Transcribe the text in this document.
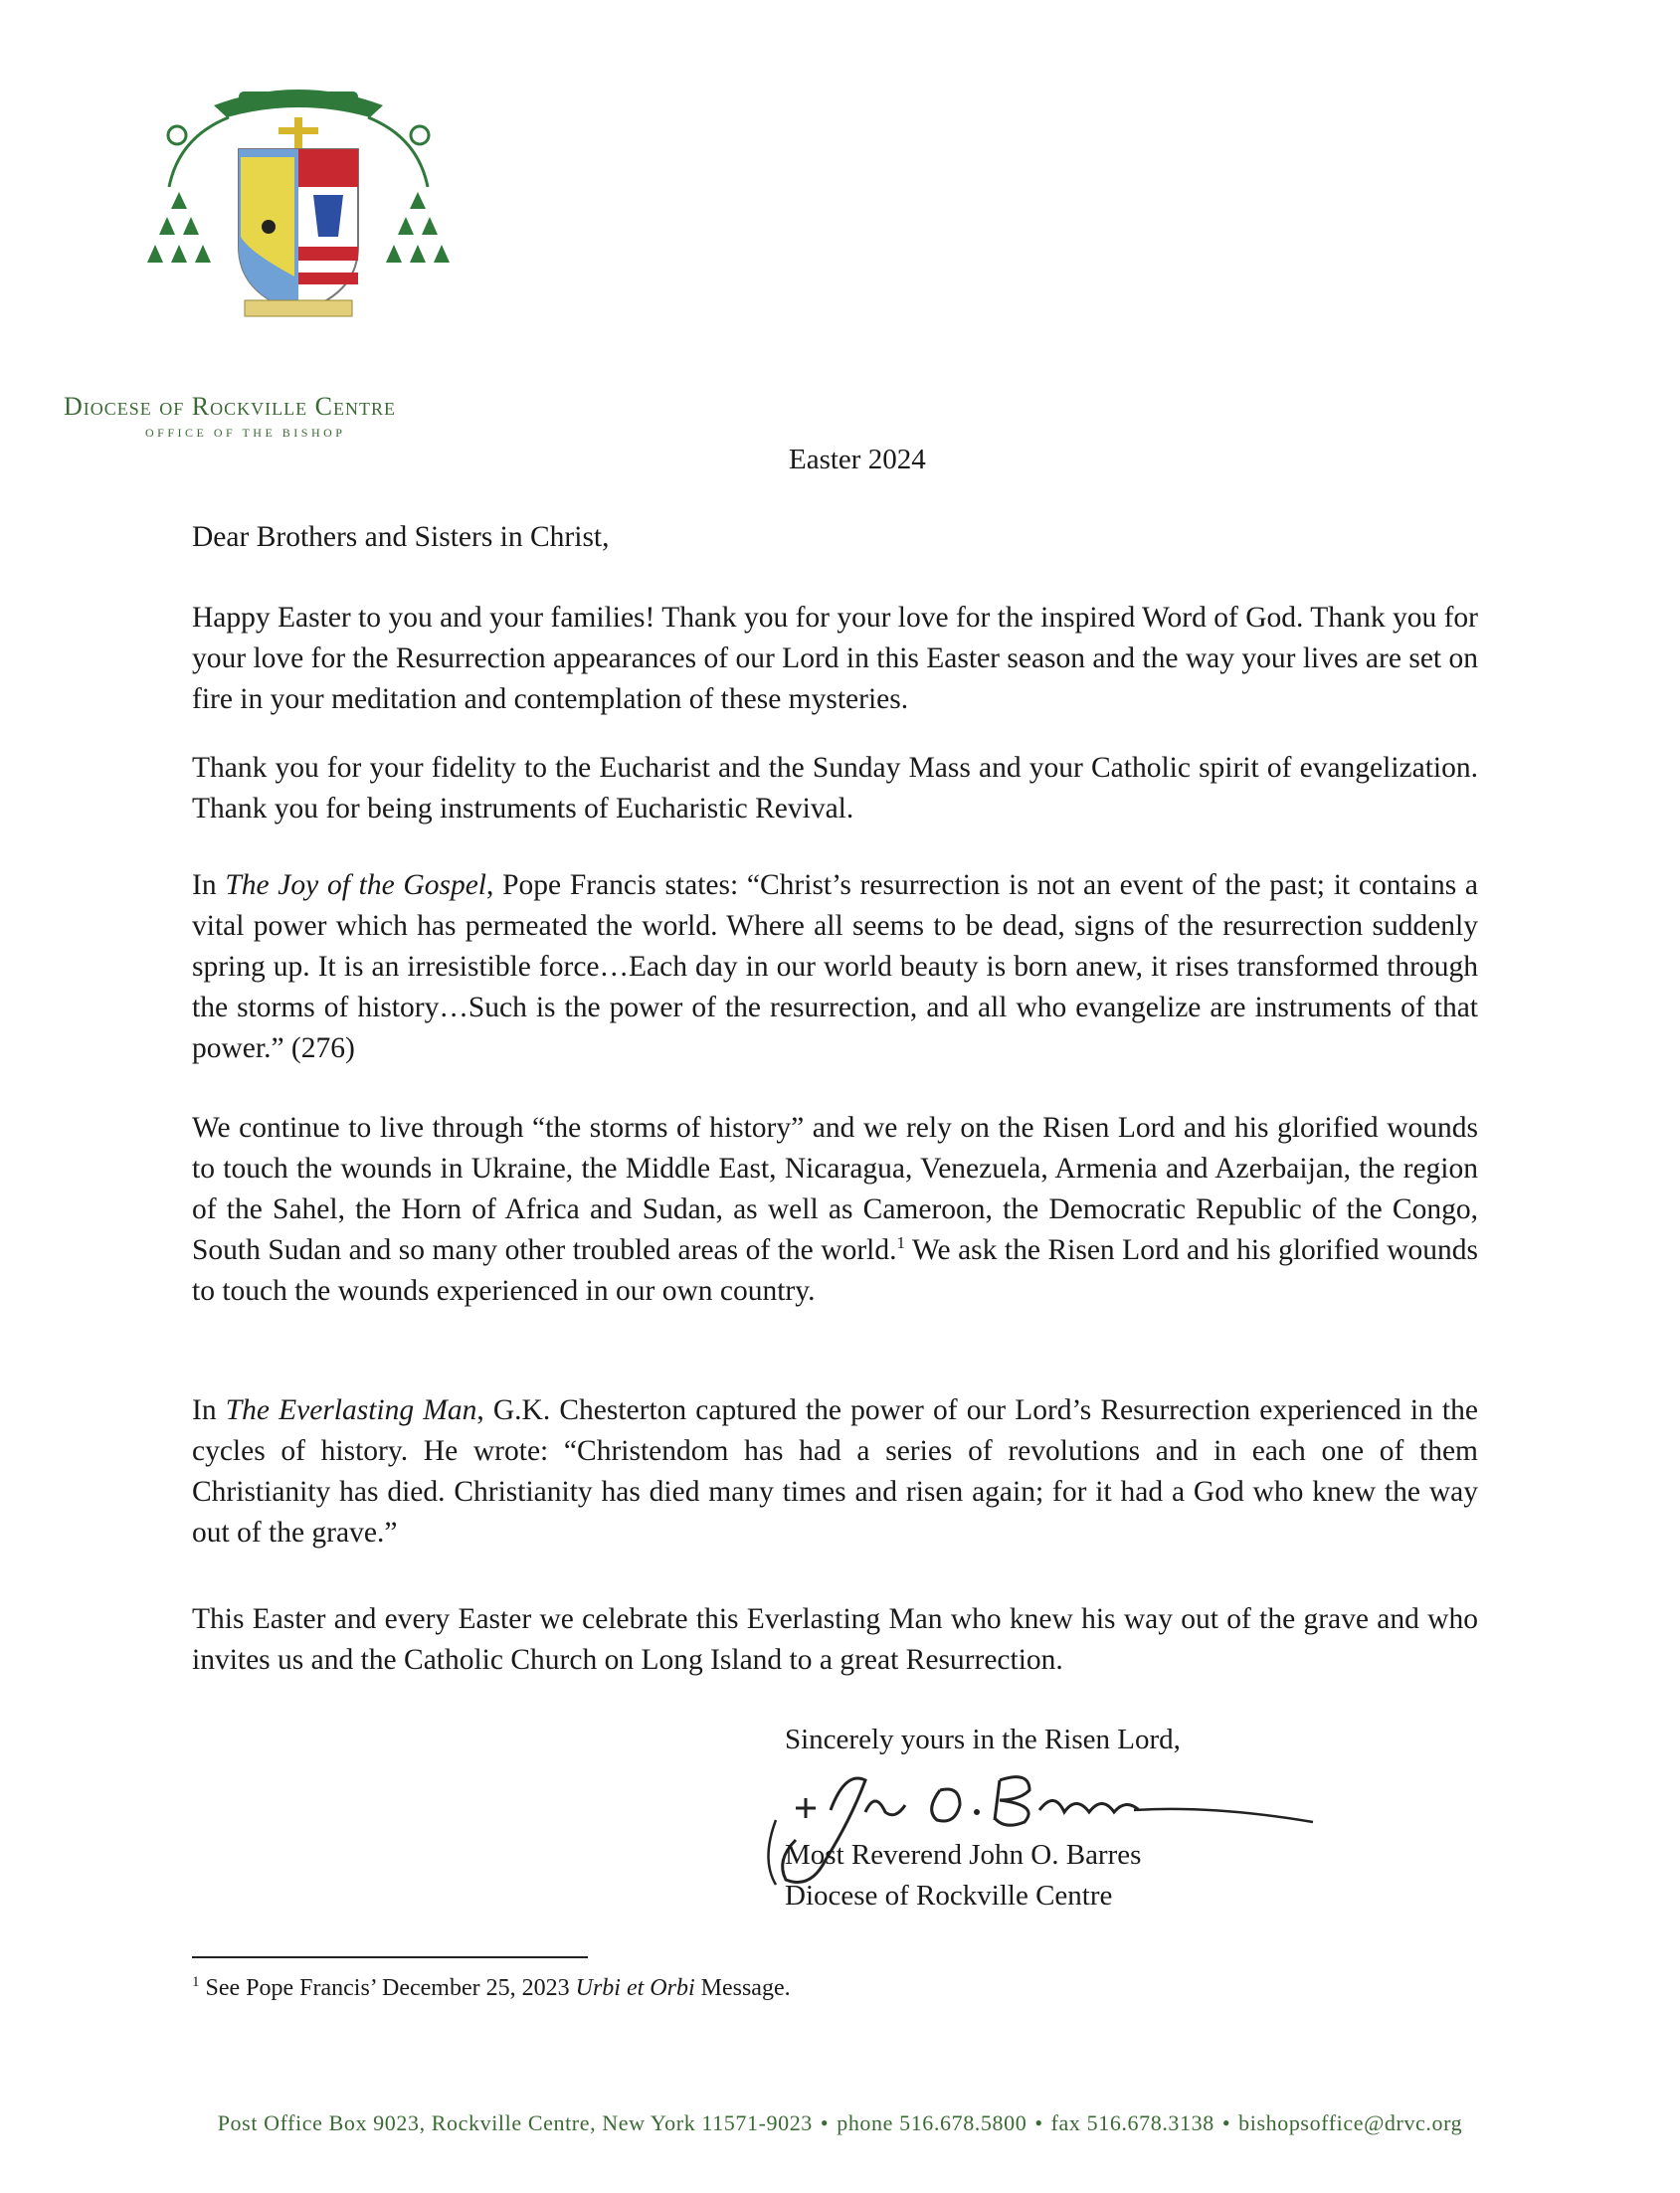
Diocese of Rockville Centre
OFFICE OF THE BISHOP
Easter 2024

Dear Brothers and Sisters in Christ,

Happy Easter to you and your families! Thank you for your love for the inspired Word of God. Thank you for your love for the Resurrection appearances of our Lord in this Easter season and the way your lives are set on fire in your meditation and contemplation of these mysteries.

Thank you for your fidelity to the Eucharist and the Sunday Mass and your Catholic spirit of evangelization. Thank you for being instruments of Eucharistic Revival.

In The Joy of the Gospel, Pope Francis states: “Christ’s resurrection is not an event of the past; it contains a vital power which has permeated the world. Where all seems to be dead, signs of the resurrection suddenly spring up. It is an irresistible force…Each day in our world beauty is born anew, it rises transformed through the storms of history…Such is the power of the resurrection, and all who evangelize are instruments of that power.” (276)

We continue to live through “the storms of history” and we rely on the Risen Lord and his glorified wounds to touch the wounds in Ukraine, the Middle East, Nicaragua, Venezuela, Armenia and Azerbaijan, the region of the Sahel, the Horn of Africa and Sudan, as well as Cameroon, the Democratic Republic of the Congo, South Sudan and so many other troubled areas of the world.$^1$ We ask the Risen Lord and his glorified wounds to touch the wounds experienced in our own country.

In The Everlasting Man, G.K. Chesterton captured the power of our Lord’s Resurrection experienced in the cycles of history. He wrote: “Christendom has had a series of revolutions and in each one of them Christianity has died. Christianity has died many times and risen again; for it had a God who knew the way out of the grave.”

This Easter and every Easter we celebrate this Everlasting Man who knew his way out of the grave and who invites us and the Catholic Church on Long Island to a great Resurrection.

Sincerely yours in the Risen Lord,
Most Reverend John O. Barres
Diocese of Rockville Centre
$^1$ See Pope Francis’ December 25, 2023 Urbi et Orbi Message.
Post Office Box 9023, Rockville Centre, New York 11571-9023 • phone 516.678.5800 • fax 516.678.3138 • bishopsoffice@drvc.org
